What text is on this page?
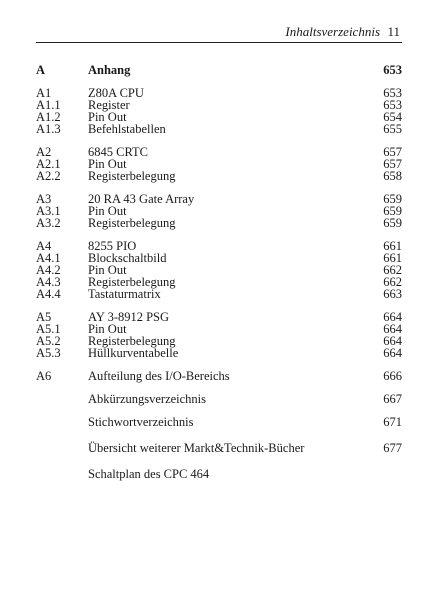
Inhaltsverzeichnis 11
A	Anhang	653
A1	Z80A CPU	653
A1.1 Register	653
A1.2 Pin Out	654
A1.3 Befehlstabellen	655
A2	6845 CRTC	657
A2.1 Pin Out	657
A2.2 Registerbelegung	658
A3	20 RA 43 Gate Array	659
A3.1 Pin Out	659
A3.2 Registerbelegung	659
A4	8255 PIO	661
A4.1 Blockschaltbild	661
A4.2 Pin Out	662
A4.3 Registerbelegung	662
A4.4 Tastaturmatrix	663
A5	AY 3-8912 PSG	664
A5.1 Pin Out	664
A5.2 Registerbelegung	664
A5.3 Hüllkurventabelle	664
A6	Aufteilung des I/O-Bereichs	666
Abkürzungsverzeichnis	667
Stichwortverzeichnis	671
Übersicht weiterer Markt&Technik-Bücher	677
Schaltplan des CPC 464
